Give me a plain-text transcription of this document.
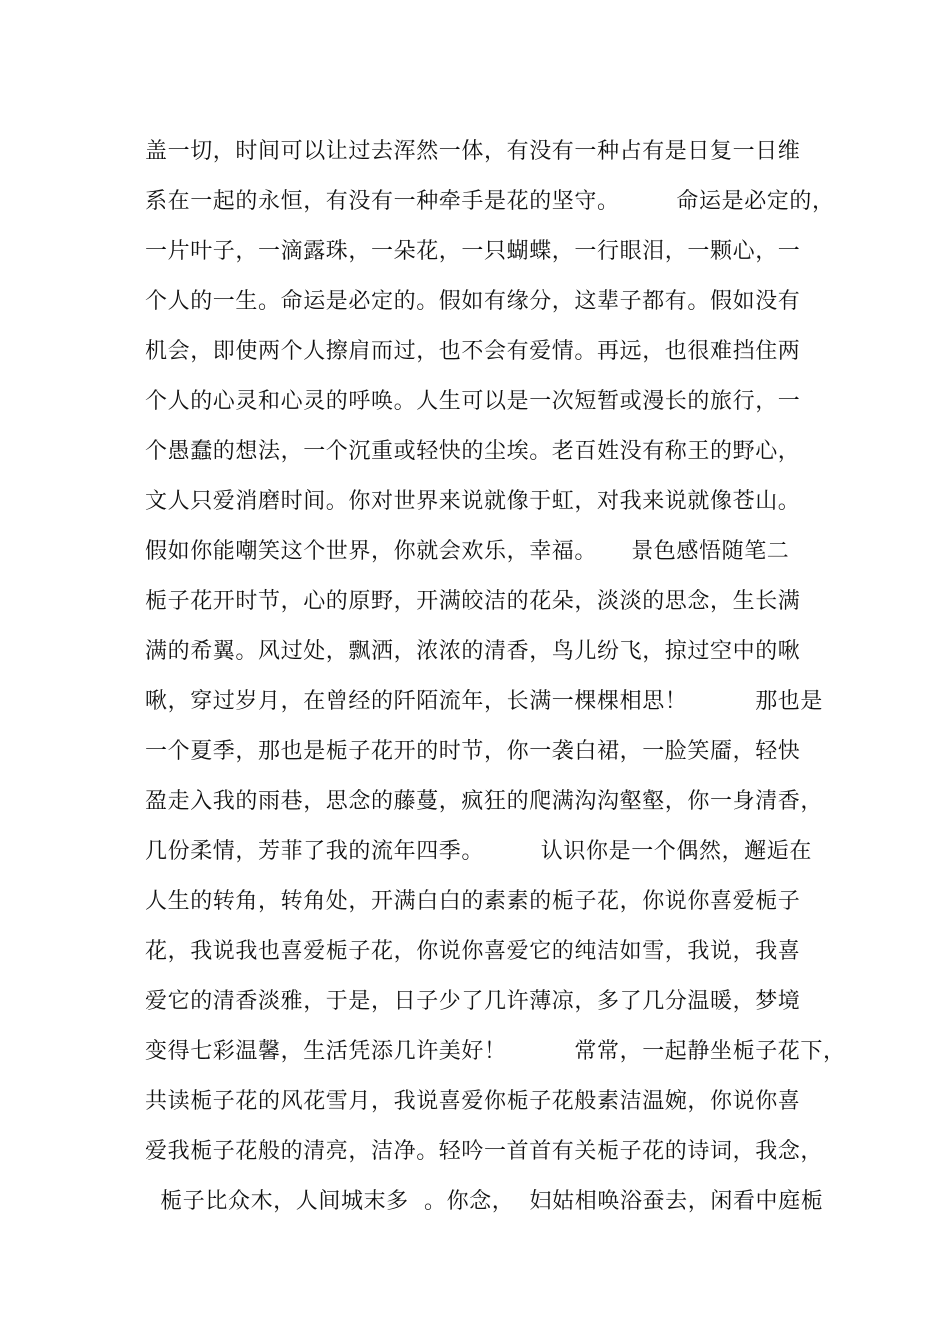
盖一切，时间可以让过去浑然一体，有没有一种占有是日复一日维
系在一起的永恒，有没有一种牵手是花的坚守。　　　命运是必定的，
一片叶子，一滴露珠，一朵花，一只蝴蝶，一行眼泪，一颗心，一
个人的一生。命运是必定的。假如有缘分，这辈子都有。假如没有
机会，即使两个人擦肩而过，也不会有爱情。再远，也很难挡住两
个人的心灵和心灵的呼唤。人生可以是一次短暂或漫长的旅行，一
个愚蠢的想法，一个沉重或轻快的尘埃。老百姓没有称王的野心，
文人只爱消磨时间。你对世界来说就像于虹，对我来说就像苍山。
假如你能嘲笑这个世界，你就会欢乐，幸福。　　景色感悟随笔二
栀子花开时节，心的原野，开满皎洁的花朵，淡淡的思念，生长满
满的希翼。风过处，飘洒，浓浓的清香，鸟儿纷飞，掠过空中的啾
啾，穿过岁月，在曾经的阡陌流年，长满一棵棵相思！　　　那也是
一个夏季，那也是栀子花开的时节，你一袭白裙，一脸笑靥，轻快
盈走入我的雨巷，思念的藤蔓，疯狂的爬满沟沟壑壑，你一身清香，
几份柔情，芳菲了我的流年四季。　　　认识你是一个偶然，邂逅在
人生的转角，转角处，开满白白的素素的栀子花，你说你喜爱栀子
花，我说我也喜爱栀子花，你说你喜爱它的纯洁如雪，我说，我喜
爱它的清香淡雅，于是，日子少了几许薄凉，多了几分温暖，梦境
变得七彩温馨，生活凭添几许美好！　　　常常，一起静坐栀子花下，
共读栀子花的风花雪月，我说喜爱你栀子花般素洁温婉，你说你喜
爱我栀子花般的清亮，洁净。轻吟一首首有关栀子花的诗词，我念，
栀子比众木，人间城末多  。你念，  妇姑相唤浴蚕去，闲看中庭栀
